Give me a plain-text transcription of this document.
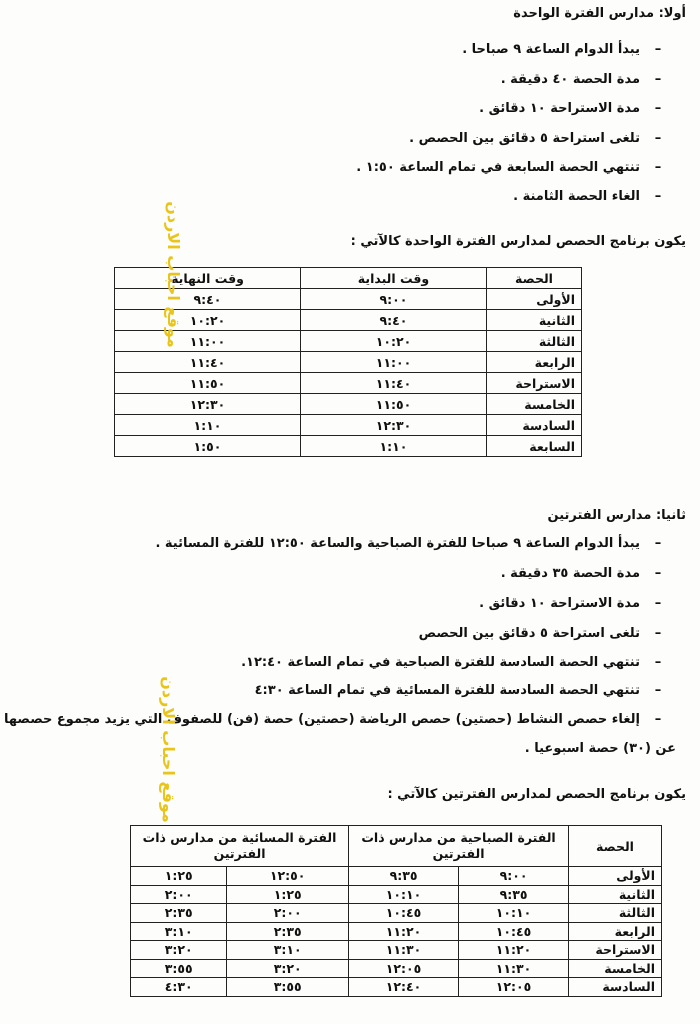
أولا: مدارس الفترة الواحدة
–يبدأ الدوام الساعة ٩ صباحا .
–مدة الحصة ٤٠ دقيقة .
–مدة الاستراحة ١٠ دقائق .
–تلغى استراحة ٥ دقائق بين الحصص .
–تنتهي الحصة السابعة في تمام الساعة ١:٥٠ .
–الغاء الحصة الثامنة .
يكون برنامج الحصص لمدارس الفترة الواحدة كالآتي :
الحصة	وقت البداية	وقت النهاية
الأولى	٩:٠٠	٩:٤٠
الثانية	٩:٤٠	١٠:٢٠
الثالثة	١٠:٢٠	١١:٠٠
الرابعة	١١:٠٠	١١:٤٠
الاستراحة	١١:٤٠	١١:٥٠
الخامسة	١١:٥٠	١٢:٣٠
السادسة	١٢:٣٠	١:١٠
السابعة	١:١٠	١:٥٠
ثانيا: مدارس الفترتين
–يبدأ الدوام الساعة ٩ صباحا للفترة الصباحية والساعة ١٢:٥٠ للفترة المسائية .
–مدة الحصة ٣٥ دقيقة .
–مدة الاستراحة ١٠ دقائق .
–تلغى استراحة ٥ دقائق بين الحصص
–تنتهي الحصة السادسة للفترة الصباحية في تمام الساعة ١٢:٤٠.
–تنتهي الحصة السادسة للفترة المسائية في تمام الساعة ٤:٣٠
–إلغاء حصص النشاط (حصتين) حصص الرياضة (حصتين) حصة (فن) للصفوف التي يزيد مجموع حصصها
عن (٣٠) حصة اسبوعيا .
يكون برنامج الحصص لمدارس الفترتين كالآتي :
الحصة	الفترة الصباحية من مدارس ذات الفترتين		الفترة المسائية من مدارس ذات الفترتين	
الأولى	٩:٠٠	٩:٣٥	١٢:٥٠	١:٢٥
الثانية	٩:٣٥	١٠:١٠	١:٢٥	٢:٠٠
الثالثة	١٠:١٠	١٠:٤٥	٢:٠٠	٢:٣٥
الرابعة	١٠:٤٥	١١:٢٠	٢:٣٥	٣:١٠
الاستراحة	١١:٢٠	١١:٣٠	٣:١٠	٣:٢٠
الخامسة	١١:٣٠	١٢:٠٥	٣:٢٠	٣:٥٥
السادسة	١٢:٠٥	١٢:٤٠	٣:٥٥	٤:٣٠
موقع احباب الاردن
موقع احباب الاردن
